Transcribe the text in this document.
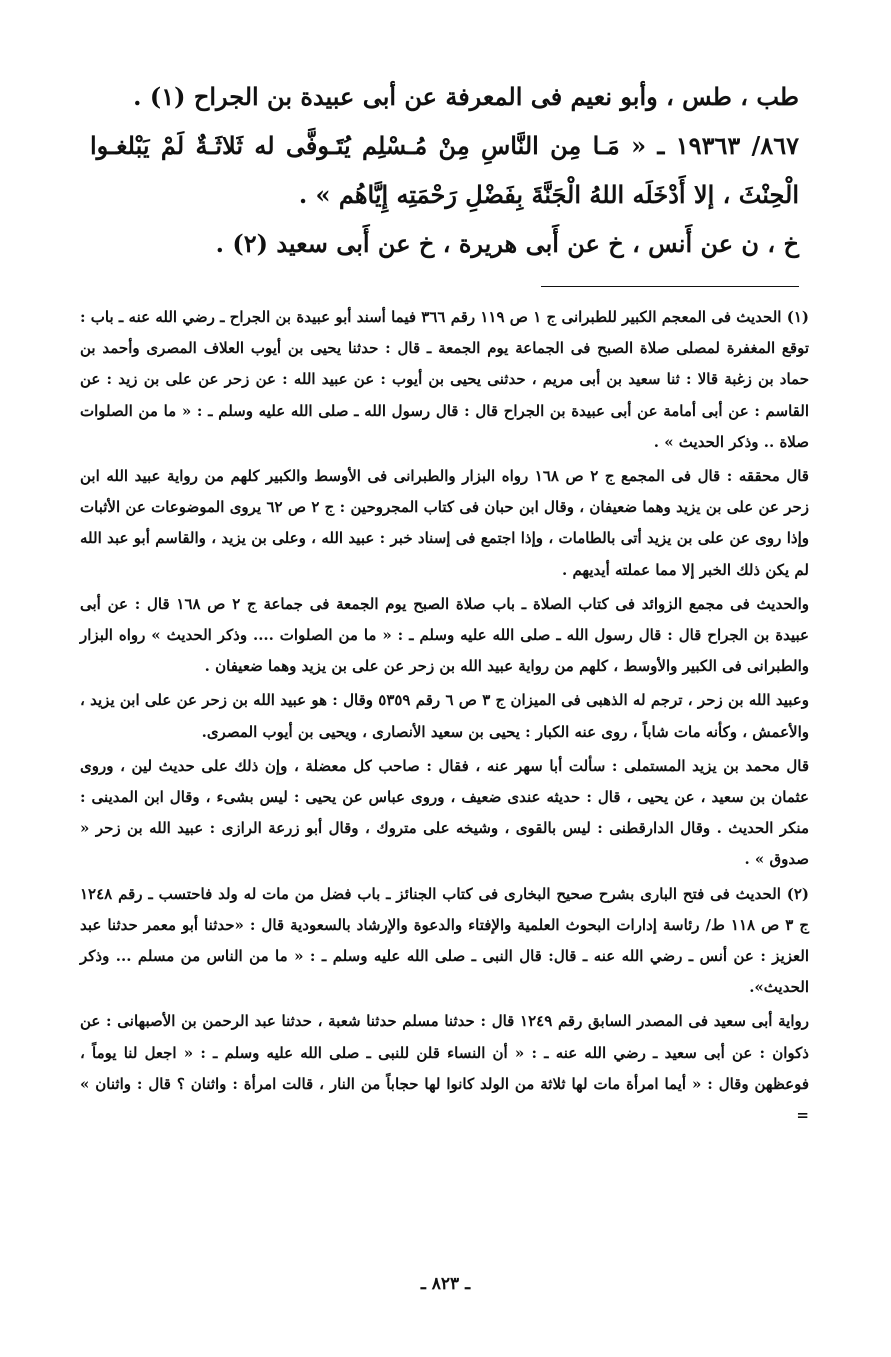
طب ، طس ، وأبو نعيم فى المعرفة عن أبى عبيدة بن الجراح (١) .

٨٦٧/ ١٩٣٦٣ ـ « مَـا مِن النَّاسِ مِنْ مُـسْلِم يُتَـوفَّى له ثَلاثَـةٌ لَمْ يَبْلغـوا الْحِنْثَ ، إلا أَدْخَلَه اللهُ الْجَنَّةَ بِفَضْلِ رَحْمَتِه إِيَّاهُم » .

خ ، ن عن أَنس ، خ عن أَبى هريرة ، خ عن أَبى سعيد (٢) .

(١) الحديث فى المعجم الكبير للطبرانى ج ١ ص ١١٩ رقم ٣٦٦ فيما أسند أبو عبيدة بن الجراح ـ رضي الله عنه ـ باب : توقع المغفرة لمصلى صلاة الصبح فى الجماعة يوم الجمعة ـ قال : حدثنا يحيى بن أيوب العلاف المصرى وأحمد بن حماد بن زغبة قالا : ثنا سعيد بن أبى مريم ، حدثنى يحيى بن أيوب : عن عبيد الله : عن زحر عن على بن زيد : عن القاسم : عن أبى أمامة عن أبى عبيدة بن الجراح قال : قال رسول الله ـ صلى الله عليه وسلم ـ : « ما من الصلوات صلاة .. وذكر الحديث » .

قال محققه : قال فى المجمع ج ٢ ص ١٦٨ رواه البزار والطبرانى فى الأوسط والكبير كلهم من رواية عبيد الله ابن زحر عن على بن يزيد وهما ضعيفان ، وقال ابن حبان فى كتاب المجروحين : ج ٢ ص ٦٢ يروى الموضوعات عن الأثبات وإذا روى عن على بن يزيد أتى بالطامات ، وإذا اجتمع فى إسناد خبر : عبيد الله ، وعلى بن يزيد ، والقاسم أبو عبد الله لم يكن ذلك الخبر إلا مما عملته أيديهم .

والحديث فى مجمع الزوائد فى كتاب الصلاة ـ باب صلاة الصبح يوم الجمعة فى جماعة ج ٢ ص ١٦٨ قال : عن أبى عبيدة بن الجراح قال : قال رسول الله ـ صلى الله عليه وسلم ـ : « ما من الصلوات .... وذكر الحديث » رواه البزار والطبرانى فى الكبير والأوسط ، كلهم من رواية عبيد الله بن زحر عن على بن يزيد وهما ضعيفان .

وعبيد الله بن زحر ، ترجم له الذهبى فى الميزان ج ٣ ص ٦ رقم ٥٣٥٩ وقال : هو عبيد الله بن زحر عن على ابن يزيد ، والأعمش ، وكأنه مات شاباً ، روى عنه الكبار : يحيى بن سعيد الأنصارى ، ويحيى بن أيوب المصرى.

قال محمد بن يزيد المستملى : سألت أبا سهر عنه ، فقال : صاحب كل معضلة ، وإن ذلك على حديث لين ، وروى عثمان بن سعيد ، عن يحيى ، قال : حديثه عندى ضعيف ، وروى عباس عن يحيى : ليس بشىء ، وقال ابن المدينى : منكر الحديث . وقال الدارقطنى : ليس بالقوى ، وشيخه على متروك ، وقال أبو زرعة الرازى : عبيد الله بن زحر « صدوق » .

(٢) الحديث فى فتح البارى بشرح صحيح البخارى فى كتاب الجنائز ـ باب فضل من مات له ولد فاحتسب ـ رقم ١٢٤٨ ج ٣ ص ١١٨ ط/ رئاسة إدارات البحوث العلمية والإفتاء والدعوة والإرشاد بالسعودية قال : «حدثنا أبو معمر حدثنا عبد العزيز : عن أنس ـ رضي الله عنه ـ قال: قال النبى ـ صلى الله عليه وسلم ـ : « ما من الناس من مسلم ... وذكر الحديث».

رواية أبى سعيد فى المصدر السابق رقم ١٢٤٩ قال : حدثنا مسلم حدثنا شعبة ، حدثنا عبد الرحمن بن الأصبهانى : عن ذكوان : عن أبى سعيد ـ رضي الله عنه ـ : « أن النساء قلن للنبى ـ صلى الله عليه وسلم ـ : « اجعل لنا يوماً ، فوعظهن وقال : « أيما امرأة مات لها ثلاثة من الولد كانوا لها حجاباً من النار ، قالت امرأة : واثنان ؟ قال : واثنان » =

ـ ٨٢٣ ـ
